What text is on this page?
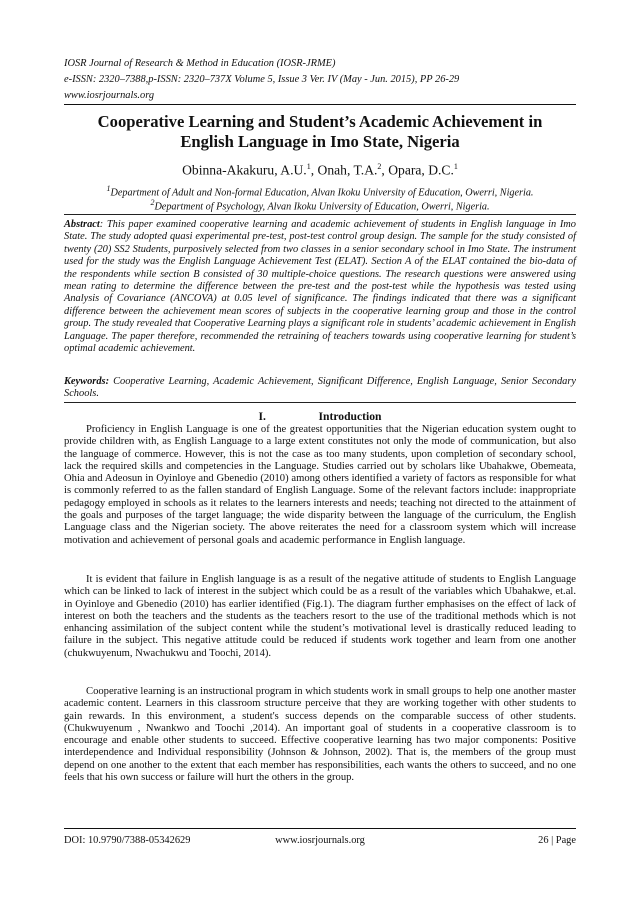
IOSR Journal of Research & Method in Education (IOSR-JRME)
e-ISSN: 2320–7388,p-ISSN: 2320–737X Volume 5, Issue 3 Ver. IV (May - Jun. 2015), PP 26-29
www.iosrjournals.org
Cooperative Learning and Student’s Academic Achievement in
English Language in Imo State, Nigeria
Obinna-Akakuru, A.U.$^1$, Onah, T.A.$^2$, Opara, D.C.$^1$
$^1$Department of Adult and Non-formal Education, Alvan Ikoku University of Education, Owerri, Nigeria.
$^2$Department of Psychology, Alvan Ikoku University of Education, Owerri, Nigeria.
Abstract: This paper examined cooperative learning and academic achievement of students in English language in Imo State. The study adopted quasi experimental pre-test, post-test control group design. The sample for the study consisted of twenty (20) SS2 Students, purposively selected from two classes in a senior secondary school in Imo State. The instrument used for the study was the English Language Achievement Test (ELAT). Section A of the ELAT contained the bio-data of the respondents while section B consisted of 30 multiple-choice questions. The research questions were answered using mean rating to determine the difference between the pre-test and the post-test while the hypothesis was tested using Analysis of Covariance (ANCOVA) at 0.05 level of significance. The findings indicated that there was a significant difference between the achievement mean scores of subjects in the cooperative learning group and those in the control group. The study revealed that Cooperative Learning plays a significant role in students’ academic achievement in English Language. The paper therefore, recommended the retraining of teachers towards using cooperative learning for student’s optimal academic achievement.
Keywords: Cooperative Learning, Academic Achievement, Significant Difference, English Language, Senior Secondary Schools.
I.	Introduction
Proficiency in English Language is one of the greatest opportunities that the Nigerian education system ought to provide children with, as English Language to a large extent constitutes not only the mode of communication, but also the language of commerce. However, this is not the case as too many students, upon completion of secondary school, lack the required skills and competencies in the Language. Studies carried out by scholars like Ubahakwe, Obemeata, Ohia and Adeosun in Oyinloye and Gbenedio (2010) among others identified a variety of factors as responsible for what is commonly referred to as the fallen standard of English Language. Some of the relevant factors include: inappropriate pedagogy employed in schools as it relates to the learners interests and needs; teaching not directed to the attainment of the goals and purposes of the target language; the wide disparity between the language of the curriculum, the English Language class and the Nigerian society. The above reiterates the need for a classroom system which will increase motivation and achievement of personal goals and academic performance in English language.
It is evident that failure in English language is as a result of the negative attitude of students to English Language which can be linked to lack of interest in the subject which could be as a result of the variables which Ubahakwe, et.al. in Oyinloye and Gbenedio (2010) has earlier identified (Fig.1). The diagram further emphasises on the effect of lack of interest on both the teachers and the students as the teachers resort to the use of the traditional methods which is not enhancing assimilation of the subject content while the student’s motivational level is drastically reduced leading to failure in the subject. This negative attitude could be reduced if students work together and learn from one another (chukwuyenum, Nwachukwu and Toochi, 2014).
Cooperative learning is an instructional program in which students work in small groups to help one another master academic content. Learners in this classroom structure perceive that they are working together with other students to gain rewards. In this environment, a student's success depends on the comparable success of other students. (Chukwuyenum , Nwankwo and Toochi ,2014). An important goal of students in a cooperative classroom is to encourage and enable other students to succeed. Effective cooperative learning has two major components: Positive interdependence and Individual responsibility (Johnson & Johnson, 2002). That is, the members of the group must depend on one another to the extent that each member has responsibilities, each wants the others to succeed, and no one feels that his own success or failure will hurt the others in the group.
DOI: 10.9790/7388-05342629	www.iosrjournals.org	26 | Page
